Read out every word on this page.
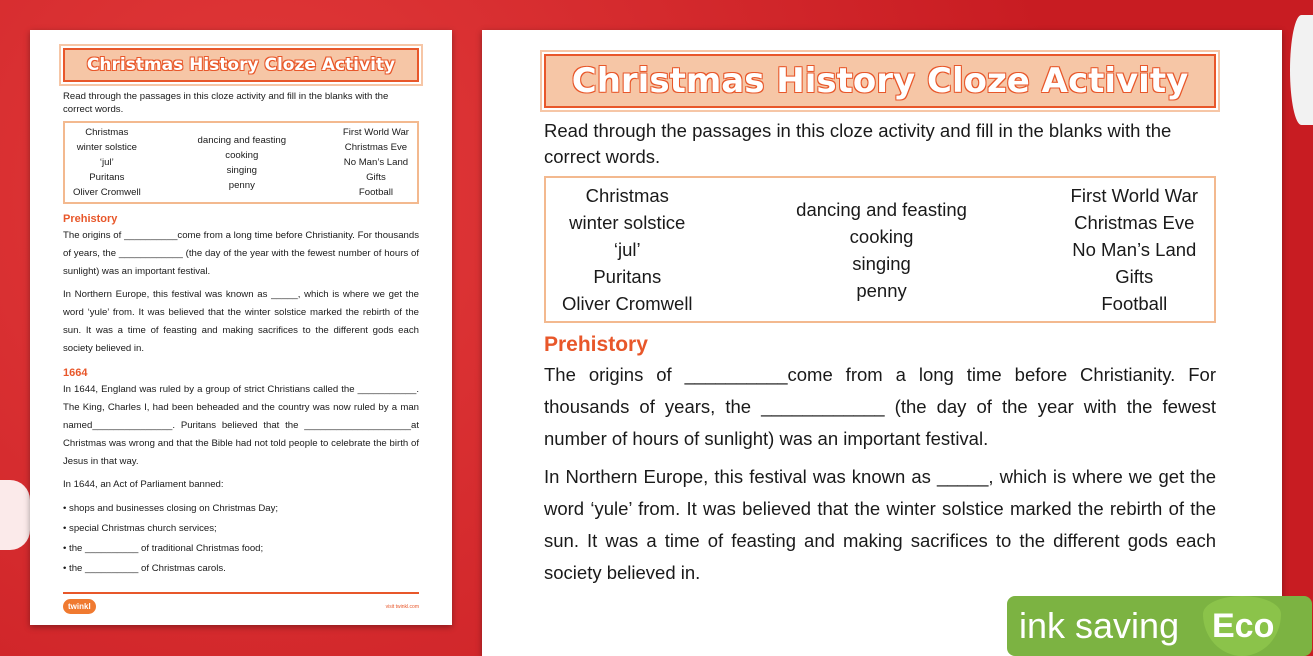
Christmas History Cloze Activity
Read through the passages in this cloze activity and fill in the blanks with the correct words.
Christmas
winter solstice
‘jul’
Puritans
Oliver Cromwell
dancing and feasting
cooking
singing
penny
First World War
Christmas Eve
No Man’s Land
Gifts
Football
Prehistory

The origins of __________come from a long time before Christianity. For thousands of years, the ____________ (the day of the year with the fewest number of hours of sunlight) was an important festival.

In Northern Europe, this festival was known as _____, which is where we get the word ‘yule’ from. It was believed that the winter solstice marked the rebirth of the sun. It was a time of feasting and making sacrifices to the different gods each society believed in.

1664

In 1644, England was ruled by a group of strict Christians called the ___________. The King, Charles I, had been beheaded and the country was now ruled by a man named_______________. Puritans believed that the ____________________at Christmas was wrong and that the Bible had not told people to celebrate the birth of Jesus in that way.

In 1644, an Act of Parliament banned:

• shops and businesses closing on Christmas Day;

• special Christmas church services;

• the __________ of traditional Christmas food;

• the __________ of Christmas carols.

twinkl	visit twinkl.com
Christmas History Cloze Activity
Read through the passages in this cloze activity and fill in the blanks with the correct words.
Christmas
winter solstice
‘jul’
Puritans
Oliver Cromwell
dancing and feasting
cooking
singing
penny
First World War
Christmas Eve
No Man’s Land
Gifts
Football
Prehistory

The origins of __________come from a long time before Christianity. For thousands of years, the ____________ (the day of the year with the fewest number of hours of sunlight) was an important festival.

In Northern Europe, this festival was known as _____, which is where we get the word ‘yule’ from. It was believed that the winter solstice marked the rebirth of the sun. It was a time of feasting and making sacrifices to the different gods each society believed in.

ink saving Eco
